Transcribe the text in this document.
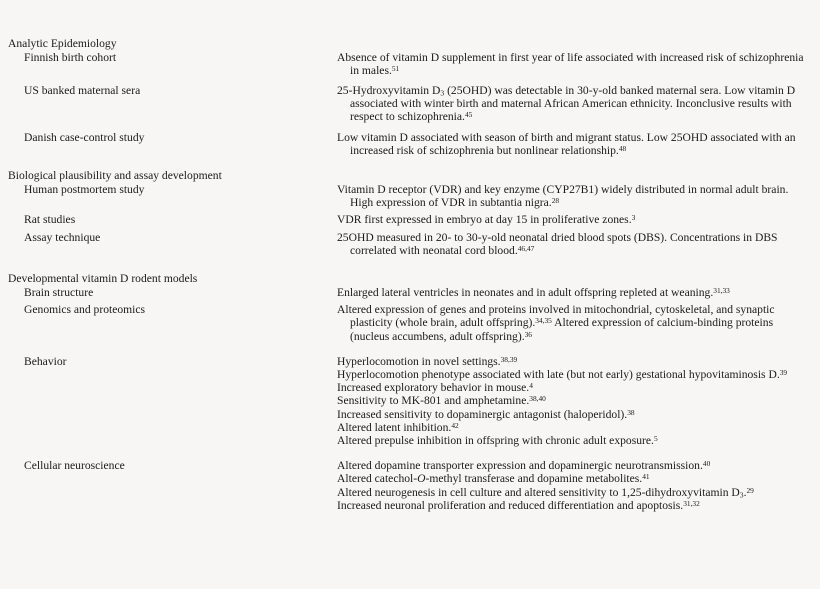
Analytic Epidemiology	
Finnish birth cohort	Absence of vitamin D supplement in first year of life associated with increased risk of schizophrenia in males.$^{51}$

US banked maternal sera	25-Hydroxyvitamin $D_3$ (25OHD) was detectable in 30-y-old banked maternal sera. Low vitamin D associated with winter birth and maternal African American ethnicity. Inconclusive results with respect to schizophrenia.$^{45}$

Danish case-control study	Low vitamin D associated with season of birth and migrant status. Low 25OHD associated with an increased risk of schizophrenia but nonlinear relationship.$^{48}$

Biological plausibility and assay development	
Human postmortem study	Vitamin D receptor (VDR) and key enzyme (CYP27B1) widely distributed in normal adult brain. High expression of VDR in subtantia nigra.$^{28}$

Rat studies	VDR first expressed in embryo at day 15 in proliferative zones.$^3$

Assay technique	25OHD measured in 20- to 30-y-old neonatal dried blood spots (DBS). Concentrations in DBS correlated with neonatal cord blood.$^{46,47}$

Developmental vitamin D rodent models	
Brain structure	Enlarged lateral ventricles in neonates and in adult offspring repleted at weaning.$^{31,33}$

Genomics and proteomics	Altered expression of genes and proteins involved in mitochondrial, cytoskeletal, and synaptic plasticity (whole brain, adult offspring).$^{34,35}$ Altered expression of calcium-binding proteins (nucleus accumbens, adult offspring).$^{36}$

Behavior	Hyperlocomotion in novel settings.$^{38,39}$

Hyperlocomotion phenotype associated with late (but not early) gestational hypovitaminosis D.$^{39}$

Increased exploratory behavior in mouse.$^4$

Sensitivity to MK-801 and amphetamine.$^{38,40}$

Increased sensitivity to dopaminergic antagonist (haloperidol).$^{38}$

Altered latent inhibition.$^{42}$

Altered prepulse inhibition in offspring with chronic adult exposure.$^5$

Cellular neuroscience	Altered dopamine transporter expression and dopaminergic neurotransmission.$^{40}$

Altered catechol-O-methyl transferase and dopamine metabolites.$^{41}$

Altered neurogenesis in cell culture and altered sensitivity to 1,25-dihydroxyvitamin $D_3.^{29}$

Increased neuronal proliferation and reduced differentiation and apoptosis.$^{31,32}$
